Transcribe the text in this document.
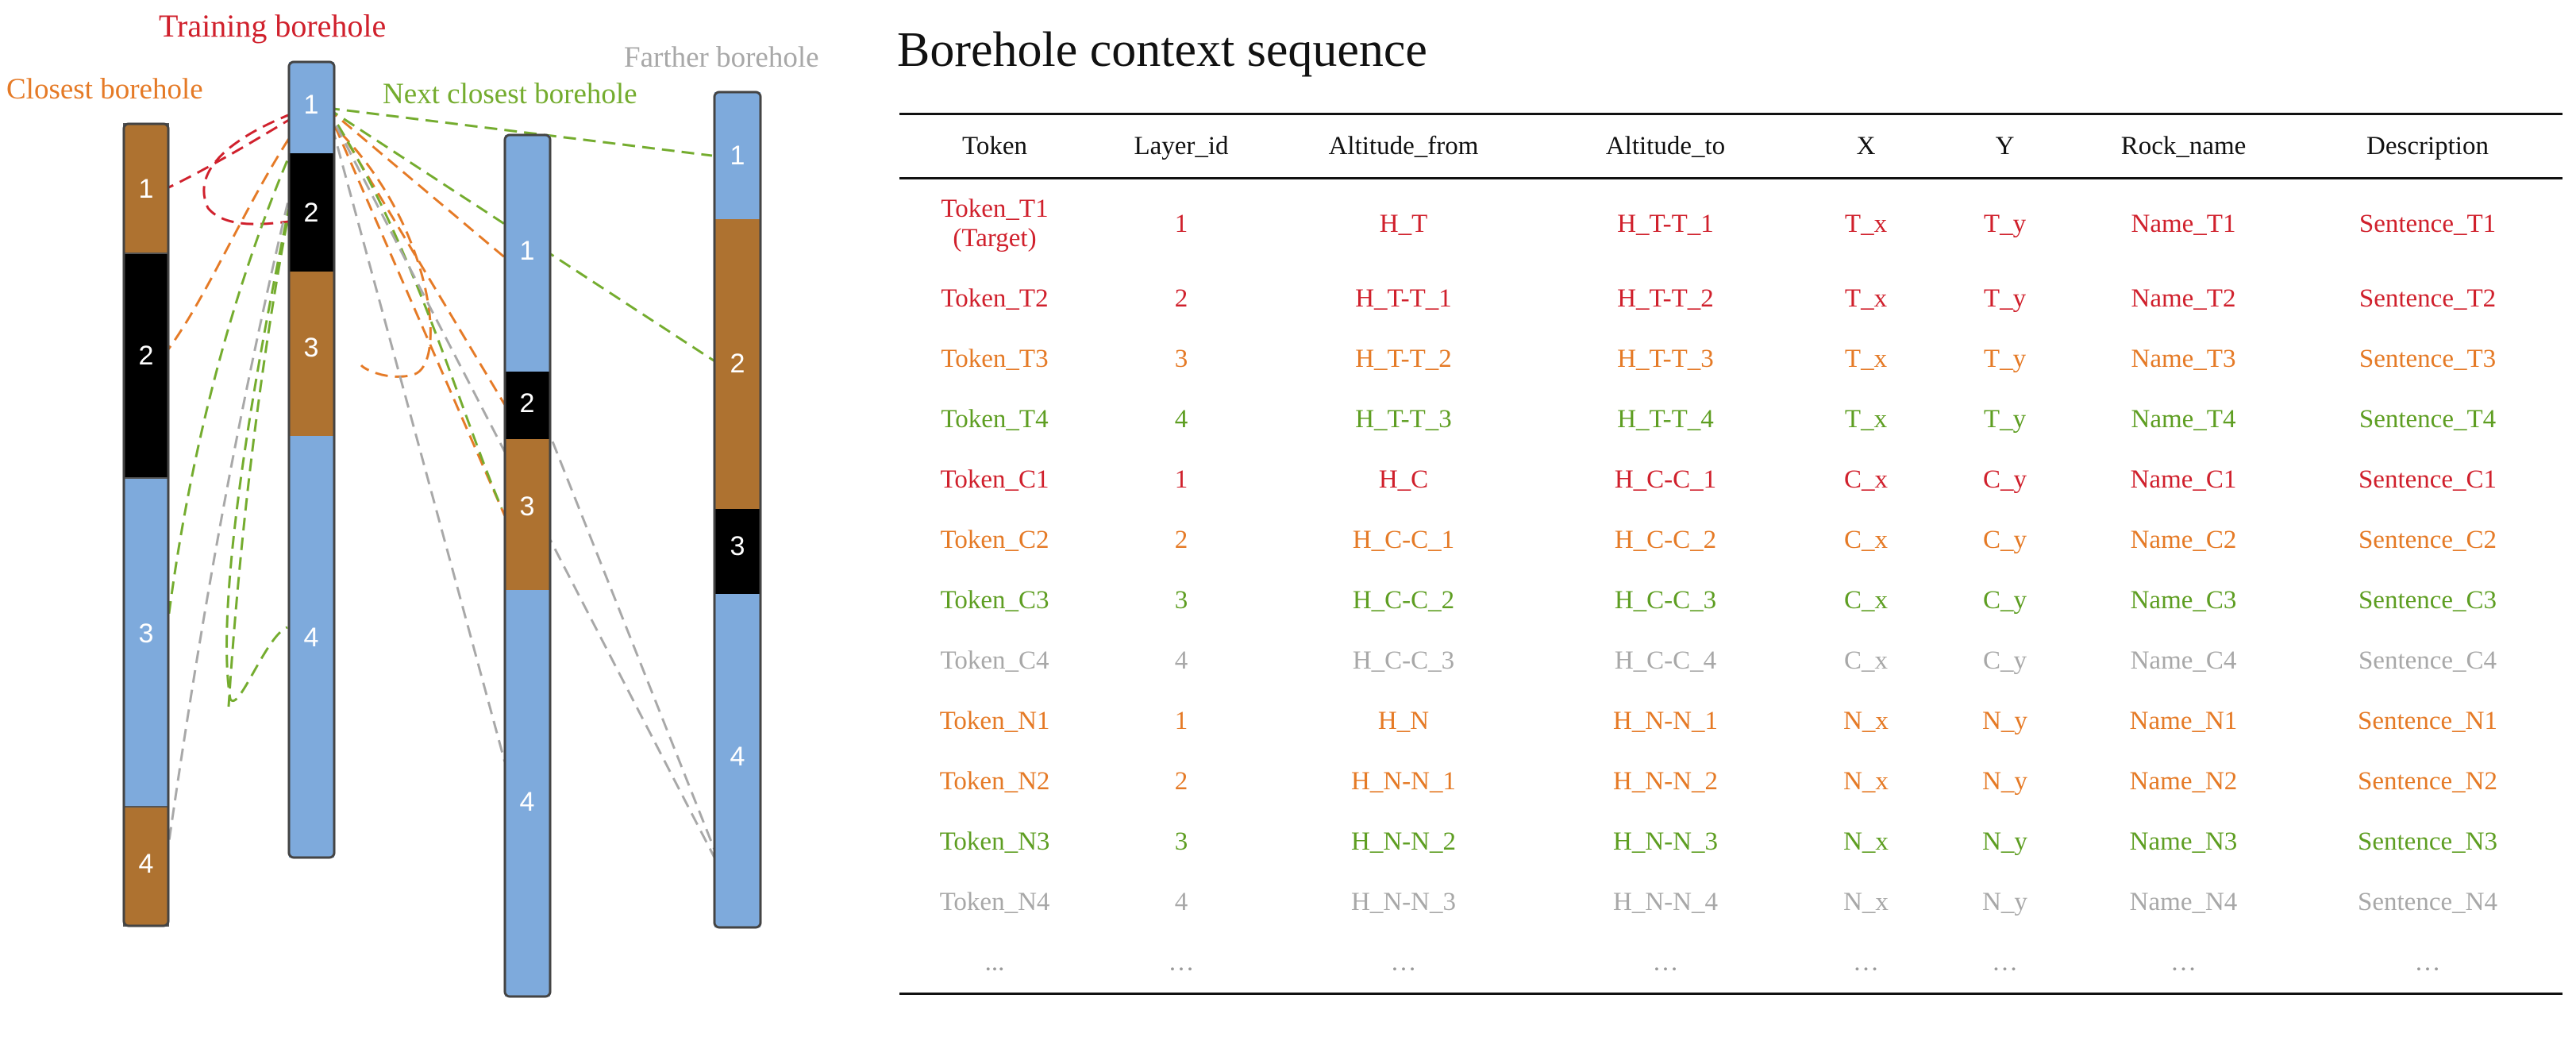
1
2
3
4
1
2
3
4
1
2
3
4
1
2
3
4
Training borehole
Closest borehole	Next closest borehole
Farther borehole Borehole context sequence
Token	Layer_id	Altitude_from	Altitude_to	X	Y	Rock_name	Description
Token_T1
(Target)	1	H_T	H_T-T_1	T_x	T_y	Name_T1	Sentence_T1
Token_T2	2	H_T-T_1	H_T-T_2	T_x	T_y	Name_T2	Sentence_T2
Token_T3	3	H_T-T_2	H_T-T_3	T_x	T_y	Name_T3	Sentence_T3
Token_T4	4	H_T-T_3	H_T-T_4	T_x	T_y	Name_T4	Sentence_T4
Token_C1	1	H_C	H_C-C_1	C_x	C_y	Name_C1	Sentence_C1
Token_C2	2	H_C-C_1	H_C-C_2	C_x	C_y	Name_C2	Sentence_C2
Token_C3	3	H_C-C_2	H_C-C_3	C_x	C_y	Name_C3	Sentence_C3
Token_C4	4	H_C-C_3	H_C-C_4	C_x	C_y	Name_C4	Sentence_C4
Token_N1	1	H_N	H_N-N_1	N_x	N_y	Name_N1	Sentence_N1
Token_N2	2	H_N-N_1	H_N-N_2	N_x	N_y	Name_N2	Sentence_N2
Token_N3	3	H_N-N_2	H_N-N_3	N_x	N_y	Name_N3	Sentence_N3
Token_N4	4	H_N-N_3	H_N-N_4	N_x	N_y	Name_N4	Sentence_N4
...	…	…	…	…	…	…	…
